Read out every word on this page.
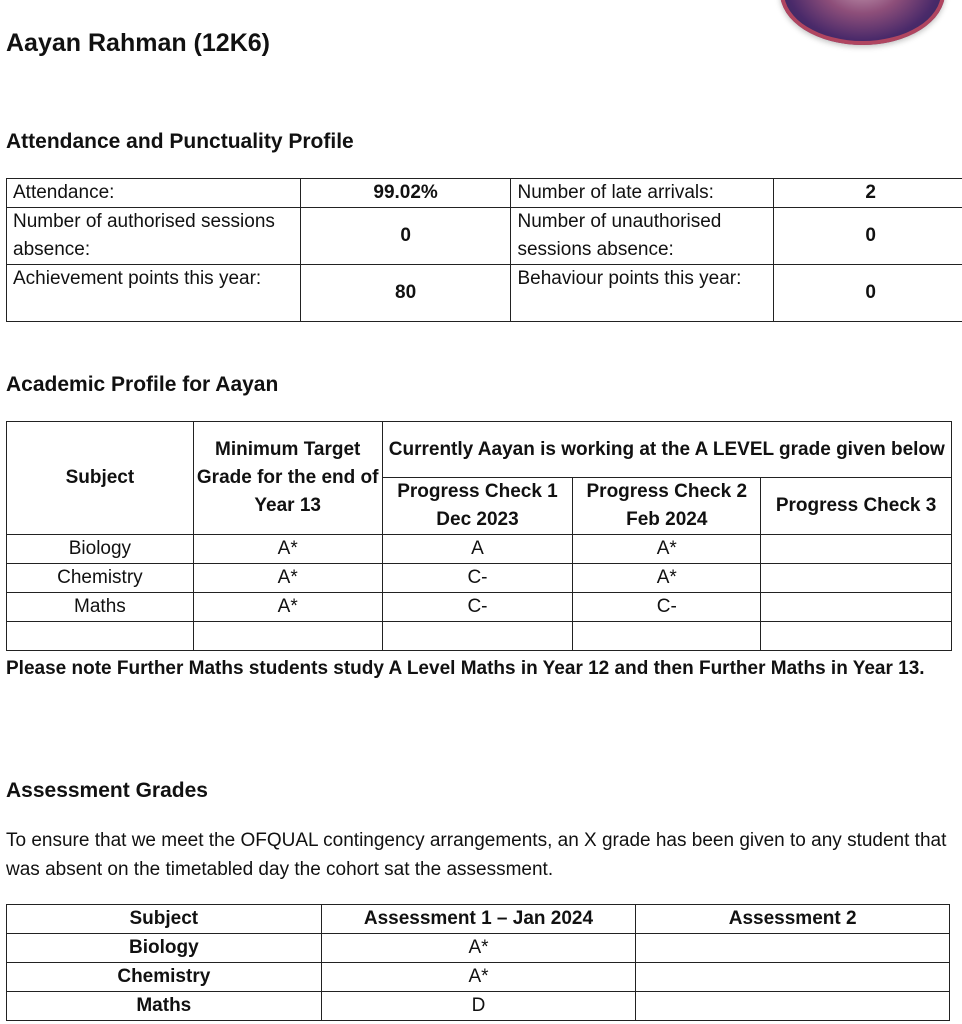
Aayan Rahman (12K6)
Attendance and Punctuality Profile
Attendance:	99.02%	Number of late arrivals:	2
Number of authorised sessions absence:	0	Number of unauthorised sessions absence:	0
Achievement points this year:	80	Behaviour points this year:	0
Academic Profile for Aayan
Subject	Minimum Target Grade for the end of Year 13	Currently Aayan is working at the A LEVEL grade given below		
		Progress Check 1 Dec 2023	Progress Check 2 Feb 2024	Progress Check 3
Biology	A*	A	A*	
Chemistry	A*	C-	A*	
Maths	A*	C-	C-	

Please note Further Maths students study A Level Maths in Year 12 and then Further Maths in Year 13.
Assessment Grades
To ensure that we meet the OFQUAL contingency arrangements, an X grade has been given to any student that was absent on the timetabled day the cohort sat the assessment.
Subject	Assessment 1 – Jan 2024	Assessment 2
Biology	A*	
Chemistry	A*	
Maths	D	
